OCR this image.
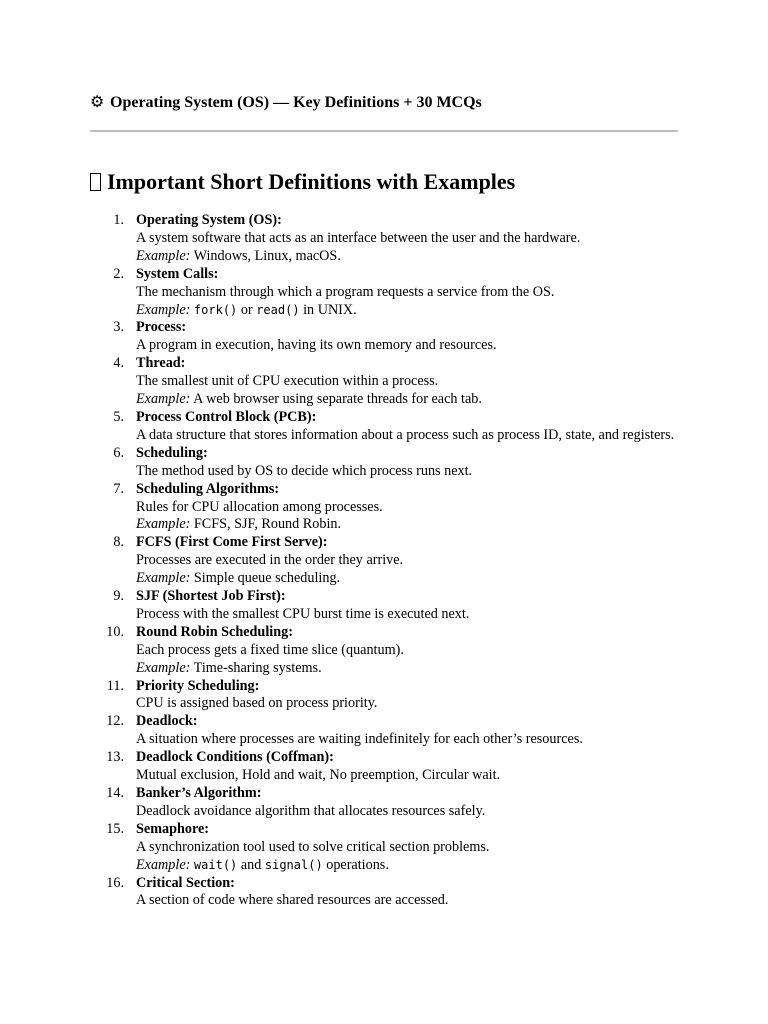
⚙ Operating System (OS) — Key Definitions + 30 MCQs
Important Short Definitions with Examples
1. Operating System (OS):
A system software that acts as an interface between the user and the hardware.
Example: Windows, Linux, macOS.
2. System Calls:
The mechanism through which a program requests a service from the OS.
Example: fork() or read() in UNIX.
3. Process:
A program in execution, having its own memory and resources.
4. Thread:
The smallest unit of CPU execution within a process.
Example: A web browser using separate threads for each tab.
5. Process Control Block (PCB):
A data structure that stores information about a process such as process ID, state, and registers.
6. Scheduling:
The method used by OS to decide which process runs next.
7. Scheduling Algorithms:
Rules for CPU allocation among processes.
Example: FCFS, SJF, Round Robin.
8. FCFS (First Come First Serve):
Processes are executed in the order they arrive.
Example: Simple queue scheduling.
9. SJF (Shortest Job First):
Process with the smallest CPU burst time is executed next.
10. Round Robin Scheduling:
Each process gets a fixed time slice (quantum).
Example: Time-sharing systems.
11. Priority Scheduling:
CPU is assigned based on process priority.
12. Deadlock:
A situation where processes are waiting indefinitely for each other’s resources.
13. Deadlock Conditions (Coffman):
Mutual exclusion, Hold and wait, No preemption, Circular wait.
14. Banker’s Algorithm:
Deadlock avoidance algorithm that allocates resources safely.
15. Semaphore:
A synchronization tool used to solve critical section problems.
Example: wait() and signal() operations.
16. Critical Section:
A section of code where shared resources are accessed.
